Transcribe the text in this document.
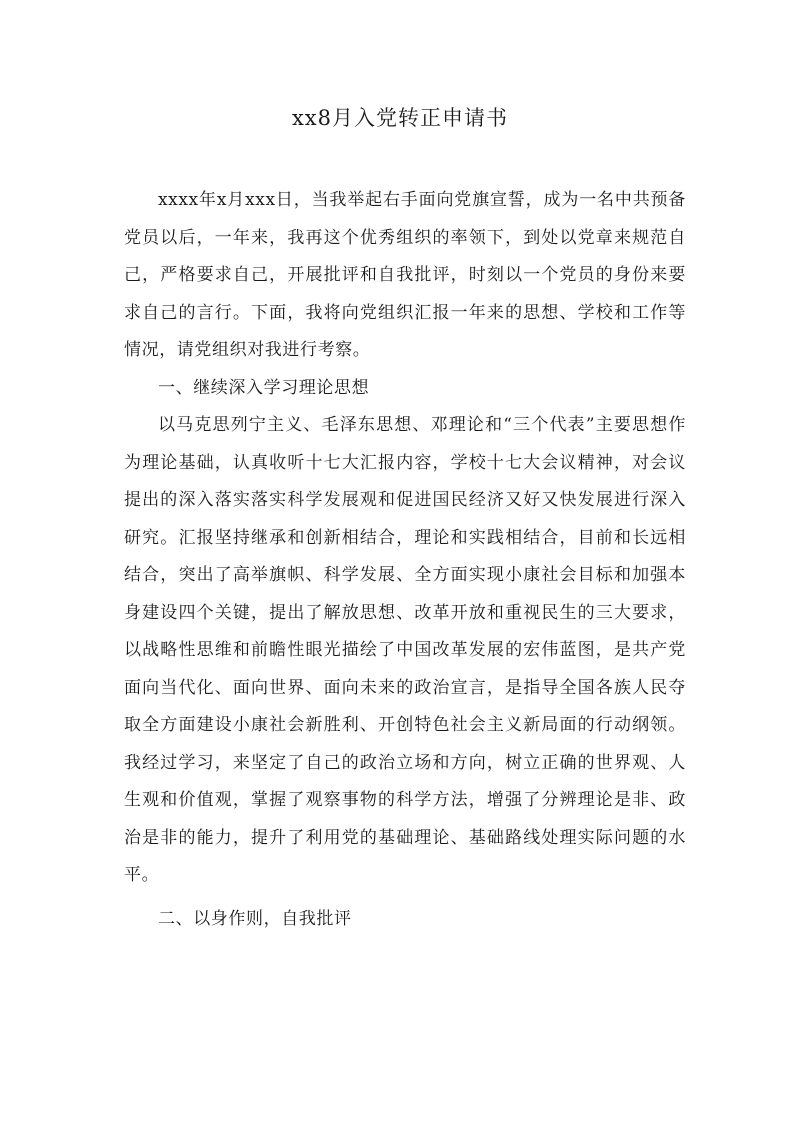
xx8月入党转正申请书

xxxx年x月xxx日，当我举起右手面向党旗宣誓，成为一名中共预备党员以后，一年来，我再这个优秀组织的率领下，到处以党章来规范自己，严格要求自己，开展批评和自我批评，时刻以一个党员的身份来要求自己的言行。下面，我将向党组织汇报一年来的思想、学校和工作等情况，请党组织对我进行考察。

一、继续深入学习理论思想

以马克思列宁主义、毛泽东思想、邓理论和“三个代表”主要思想作为理论基础，认真收听十七大汇报内容，学校十七大会议精神，对会议提出的深入落实落实科学发展观和促进国民经济又好又快发展进行深入研究。汇报坚持继承和创新相结合，理论和实践相结合，目前和长远相结合，突出了高举旗帜、科学发展、全方面实现小康社会目标和加强本身建设四个关键，提出了解放思想、改革开放和重视民生的三大要求，以战略性思维和前瞻性眼光描绘了中国改革发展的宏伟蓝图，是共产党面向当代化、面向世界、面向未来的政治宣言，是指导全国各族人民夺取全方面建设小康社会新胜利、开创特色社会主义新局面的行动纲领。我经过学习，来坚定了自己的政治立场和方向，树立正确的世界观、人生观和价值观，掌握了观察事物的科学方法，增强了分辨理论是非、政治是非的能力，提升了利用党的基础理论、基础路线处理实际问题的水平。

二、以身作则，自我批评
